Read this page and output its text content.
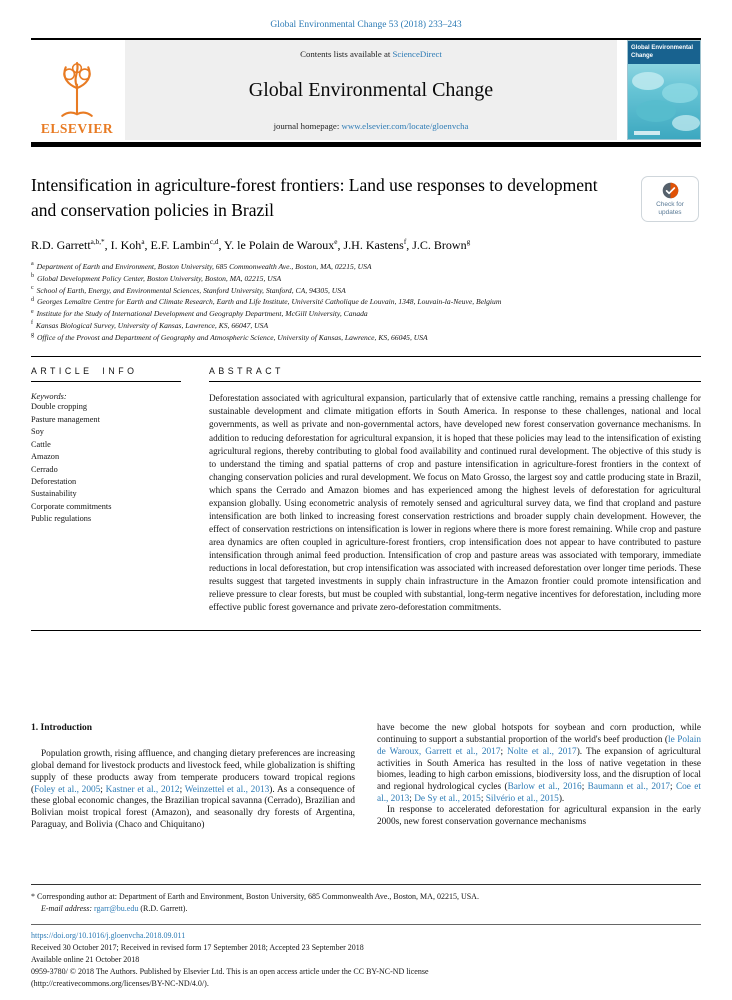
Global Environmental Change 53 (2018) 233–243
ELSEVIER
Contents lists available at ScienceDirect
Global Environmental Change
journal homepage: www.elsevier.com/locate/gloenvcha
Global Environmental Change
Intensification in agriculture-forest frontiers: Land use responses to development and conservation policies in Brazil	Check for updates
R.D. Garrett$^{a,b,*}$, I. Koh$^a$, E.F. Lambin$^{c,d}$, Y. le Polain de Waroux$^e$, J.H. Kastens$^f$, J.C. Brown$^g$
$^a$ Department of Earth and Environment, Boston University, 685 Commonwealth Ave., Boston, MA, 02215, USA
$^b$ Global Development Policy Center, Boston University, Boston, MA, 02215, USA
$^c$ School of Earth, Energy, and Environmental Sciences, Stanford University, Stanford, CA, 94305, USA
$^d$ Georges Lemaître Centre for Earth and Climate Research, Earth and Life Institute, Université Catholique de Louvain, 1348, Louvain-la-Neuve, Belgium
$^e$ Institute for the Study of International Development and Geography Department, McGill University, Canada
$^f$ Kansas Biological Survey, University of Kansas, Lawrence, KS, 66047, USA
$^g$ Office of the Provost and Department of Geography and Atmospheric Science, University of Kansas, Lawrence, KS, 66045, USA
ARTICLE INFO
Keywords:
Double cropping
Pasture management
Soy
Cattle
Amazon
Cerrado
Deforestation
Sustainability
Corporate commitments
Public regulations
ABSTRACT

Deforestation associated with agricultural expansion, particularly that of extensive cattle ranching, remains a pressing challenge for sustainable development and climate mitigation efforts in South America. In response to these challenges, national and local governments, as well as private and non-governmental actors, have developed new forest conservation governance mechanisms. In addition to reducing deforestation for agricultural expansion, it is hoped that these policies may lead to the intensification of existing agricultural regions, thereby contributing to global food availability and continued rural development. The objective of this study is to understand the timing and spatial patterns of crop and pasture intensification in agriculture-forest frontiers in the context of changing conservation policies and rural development. We focus on Mato Grosso, the largest soy and cattle producing state in Brazil, which spans the Cerrado and Amazon biomes and has experienced among the highest levels of deforestation for agricultural expansion globally. Using econometric analysis of remotely sensed and agricultural survey data, we find that cropland and pasture intensification are both linked to increasing forest conservation restrictions and broader supply chain development. However, the effect of conservation restrictions on intensification is lower in regions where there is more forest remaining. While crop and pasture area dynamics are often coupled in agriculture-forest frontiers, crop intensification does not appear to have contributed to pasture intensification through animal feed production. Intensification of crop and pasture areas was associated with temporary, immediate reductions in local deforestation, but crop intensification was associated with increased deforestation over longer time periods. These results suggest that targeted investments in supply chain infrastructure in the Amazon frontier could promote intensification and relieve pressure to clear forests, but must be coupled with substantial, long-term negative incentives for deforestation, including more effective public forest governance and private zero-deforestation commitments.

1. Introduction

Population growth, rising affluence, and changing dietary preferences are increasing global demand for livestock products and livestock feed, while globalization is shifting supply of these products away from temperate producers toward tropical regions (Foley et al., 2005; Kastner et al., 2012; Weinzettel et al., 2013). As a consequence of these global economic changes, the Brazilian tropical savanna (Cerrado), Brazilian and Bolivian moist tropical forest (Amazon), and seasonally dry forests of Argentina, Paraguay, and Bolivia (Chaco and Chiquitano)

have become the new global hotspots for soybean and corn production, while continuing to support a substantial proportion of the world's beef production (le Polain de Waroux, Garrett et al., 2017; Nolte et al., 2017). The expansion of agricultural activities in South America has resulted in the loss of native vegetation in these biomes, leading to high carbon emissions, biodiversity loss, and the disruption of local and regional hydrological cycles (Barlow et al., 2016; Baumann et al., 2017; Coe et al., 2013; De Sy et al., 2015; Silvério et al., 2015).

In response to accelerated deforestation for agricultural expansion in the early 2000s, new forest conservation governance mechanisms

* Corresponding author at: Department of Earth and Environment, Boston University, 685 Commonwealth Ave., Boston, MA, 02215, USA.

E-mail address: rgarr@bu.edu (R.D. Garrett).

https://doi.org/10.1016/j.gloenvcha.2018.09.011
Received 30 October 2017; Received in revised form 17 September 2018; Accepted 23 September 2018
Available online 21 October 2018
0959-3780/ © 2018 The Authors. Published by Elsevier Ltd. This is an open access article under the CC BY-NC-ND license
(http://creativecommons.org/licenses/BY-NC-ND/4.0/).
